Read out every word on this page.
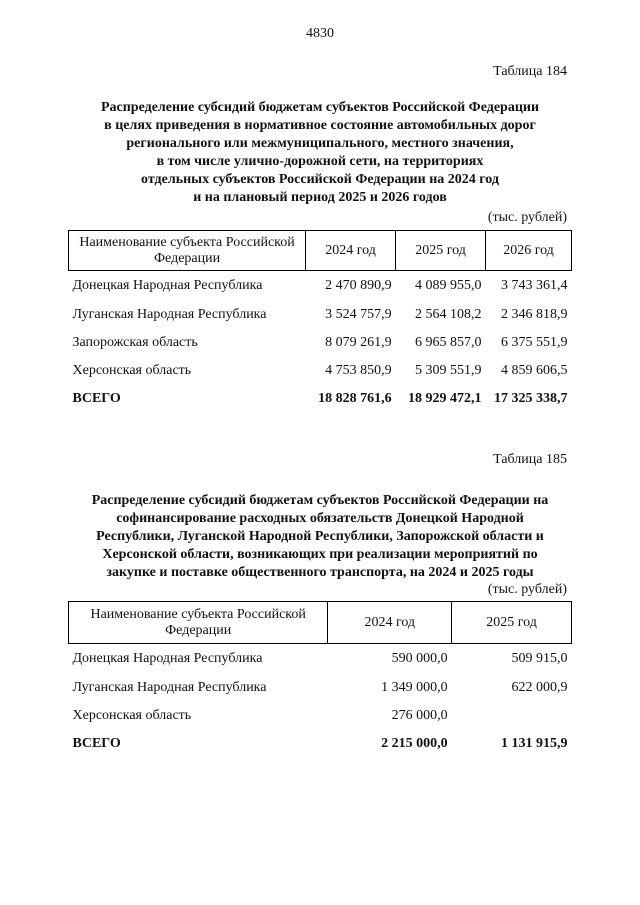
4830
Таблица 184
Распределение субсидий бюджетам субъектов Российской Федерации
в целях приведения в нормативное состояние автомобильных дорог
регионального или межмуниципального, местного значения,
в том числе улично-дорожной сети, на территориях
отдельных субъектов Российской Федерации на 2024 год
и на плановый период 2025 и 2026 годов
(тыс. рублей)
Наименование субъекта Российской Федерации	2024 год	2025 год	2026 год
Донецкая Народная Республика	2 470 890,9	4 089 955,0	3 743 361,4
Луганская Народная Республика	3 524 757,9	2 564 108,2	2 346 818,9
Запорожская область	8 079 261,9	6 965 857,0	6 375 551,9
Херсонская область	4 753 850,9	5 309 551,9	4 859 606,5
ВСЕГО	18 828 761,6	18 929 472,1	17 325 338,7
Таблица 185
Распределение субсидий бюджетам субъектов Российской Федерации на
софинансирование расходных обязательств Донецкой Народной
Республики, Луганской Народной Республики, Запорожской области и
Херсонской области, возникающих при реализации мероприятий по
закупке и поставке общественного транспорта, на 2024 и 2025 годы
(тыс. рублей)
Наименование субъекта Российской Федерации	2024 год	2025 год
Донецкая Народная Республика	590 000,0	509 915,0
Луганская Народная Республика	1 349 000,0	622 000,9
Херсонская область	276 000,0	
ВСЕГО	2 215 000,0	1 131 915,9
